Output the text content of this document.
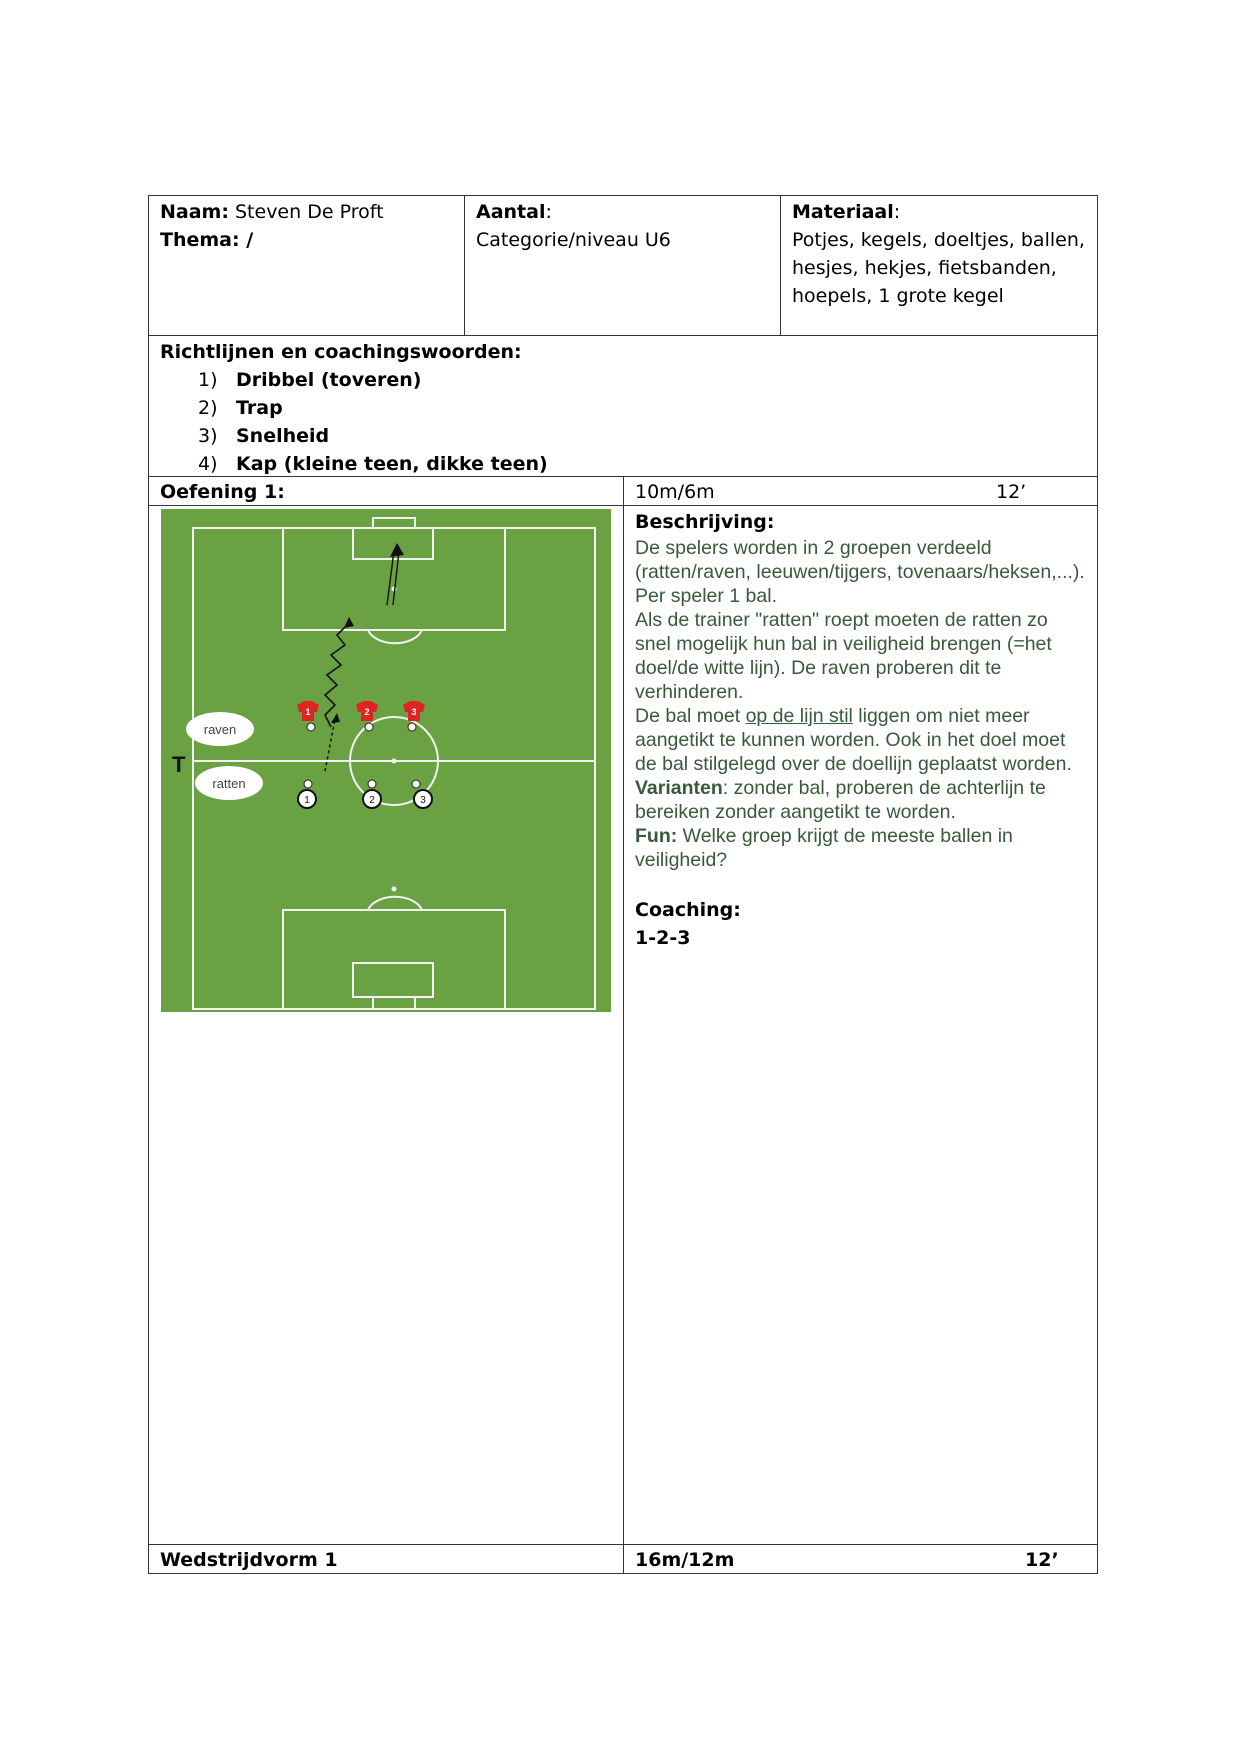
Naam: Steven De Proft
Thema: /
Aantal:
Categorie/niveau U6
Materiaal:
Potjes, kegels, doeltjes, ballen, hesjes, hekjes, fietsbanden, hoepels, 1 grote kegel
Richtlijnen en coachingswoorden:
1) Dribbel (toveren)
2) Trap
3) Snelheid
4) Kap (kleine teen, dikke teen)
Oefening 1:	10m/6m	12’
raven
ratten
T
1	2	3
1	2	3
Beschrijving:
De spelers worden in 2 groepen verdeeld (ratten/raven, leeuwen/tijgers, tovenaars/heksen,...). Per speler 1 bal.
Als de trainer "ratten" roept moeten de ratten zo snel mogelijk hun bal in veiligheid brengen (=het doel/de witte lijn). De raven proberen dit te verhinderen.
De bal moet op de lijn stil liggen om niet meer aangetikt te kunnen worden. Ook in het doel moet de bal stilgelegd over de doellijn geplaatst worden.
Varianten: zonder bal, proberen de achterlijn te bereiken zonder aangetikt te worden.
Fun: Welke groep krijgt de meeste ballen in veiligheid?
Coaching:
1-2-3
Wedstrijdvorm 1	16m/12m	12’
